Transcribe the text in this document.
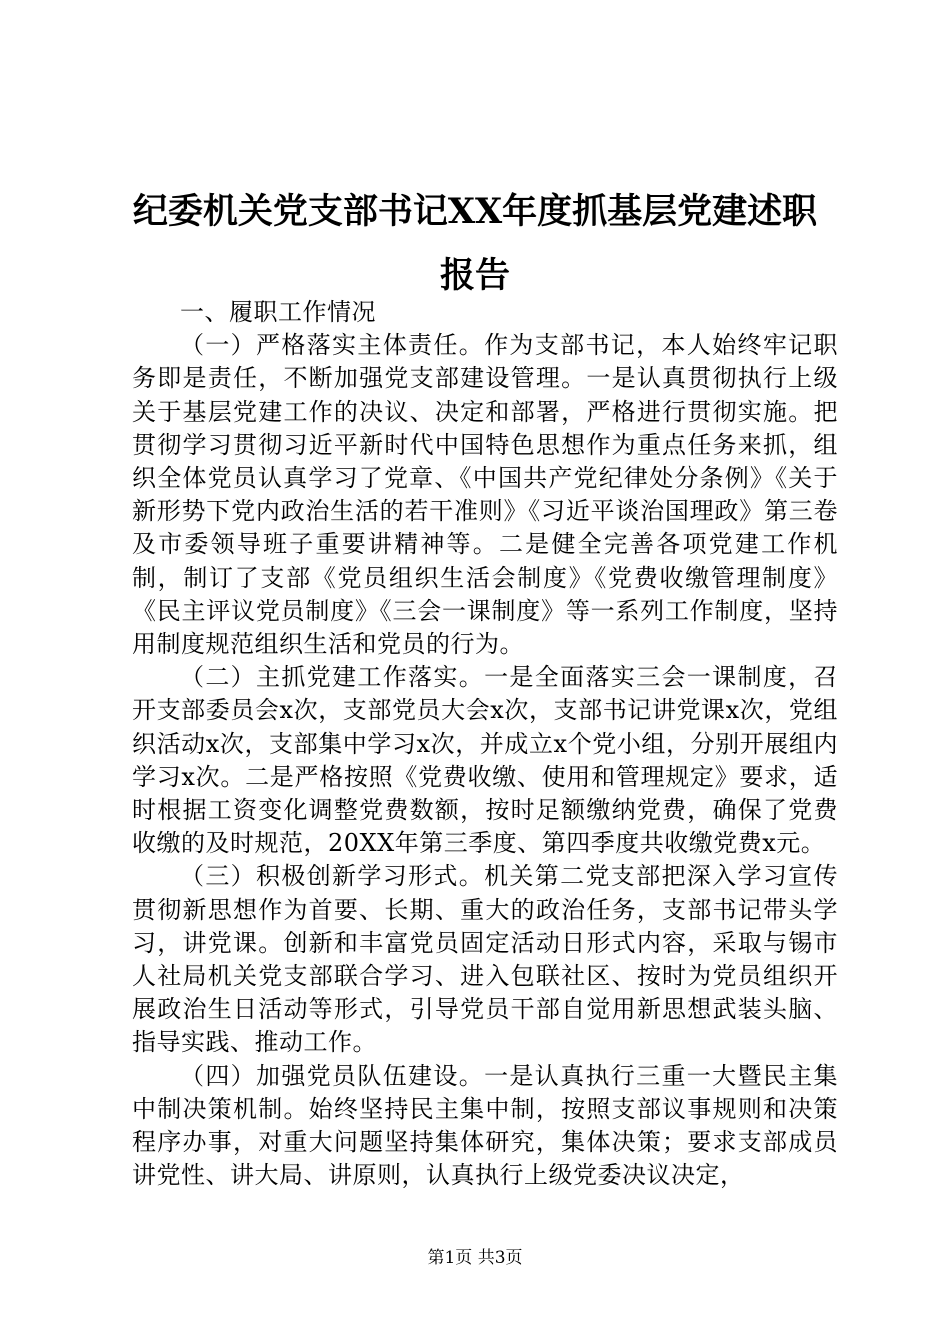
纪委机关党支部书记XX年度抓基层党建述职
报告

一、履职工作情况

（一）严格落实主体责任。作为支部书记，本人始终牢记职务即是责任，不断加强党支部建设管理。一是认真贯彻执行上级关于基层党建工作的决议、决定和部署，严格进行贯彻实施。把贯彻学习贯彻习近平新时代中国特色思想作为重点任务来抓，组织全体党员认真学习了党章、《中国共产党纪律处分条例》《关于新形势下党内政治生活的若干准则》《习近平谈治国理政》第三卷及市委领导班子重要讲精神等。二是健全完善各项党建工作机制，制订了支部《党员组织生活会制度》《党费收缴管理制度》《民主评议党员制度》《三会一课制度》等一系列工作制度，坚持用制度规范组织生活和党员的行为。

（二）主抓党建工作落实。一是全面落实三会一课制度，召开支部委员会x次，支部党员大会x次，支部书记讲党课x次，党组织活动x次，支部集中学习x次，并成立x个党小组，分别开展组内学习x次。二是严格按照《党费收缴、使用和管理规定》要求，适时根据工资变化调整党费数额，按时足额缴纳党费，确保了党费收缴的及时规范，20XX年第三季度、第四季度共收缴党费x元。

（三）积极创新学习形式。机关第二党支部把深入学习宣传贯彻新思想作为首要、长期、重大的政治任务，支部书记带头学习，讲党课。创新和丰富党员固定活动日形式内容，采取与锡市人社局机关党支部联合学习、进入包联社区、按时为党员组织开展政治生日活动等形式，引导党员干部自觉用新思想武装头脑、指导实践、推动工作。

（四）加强党员队伍建设。一是认真执行三重一大暨民主集中制决策机制。始终坚持民主集中制，按照支部议事规则和决策程序办事，对重大问题坚持集体研究，集体决策；要求支部成员讲党性、讲大局、讲原则，认真执行上级党委决议决定，

第1页 共3页
